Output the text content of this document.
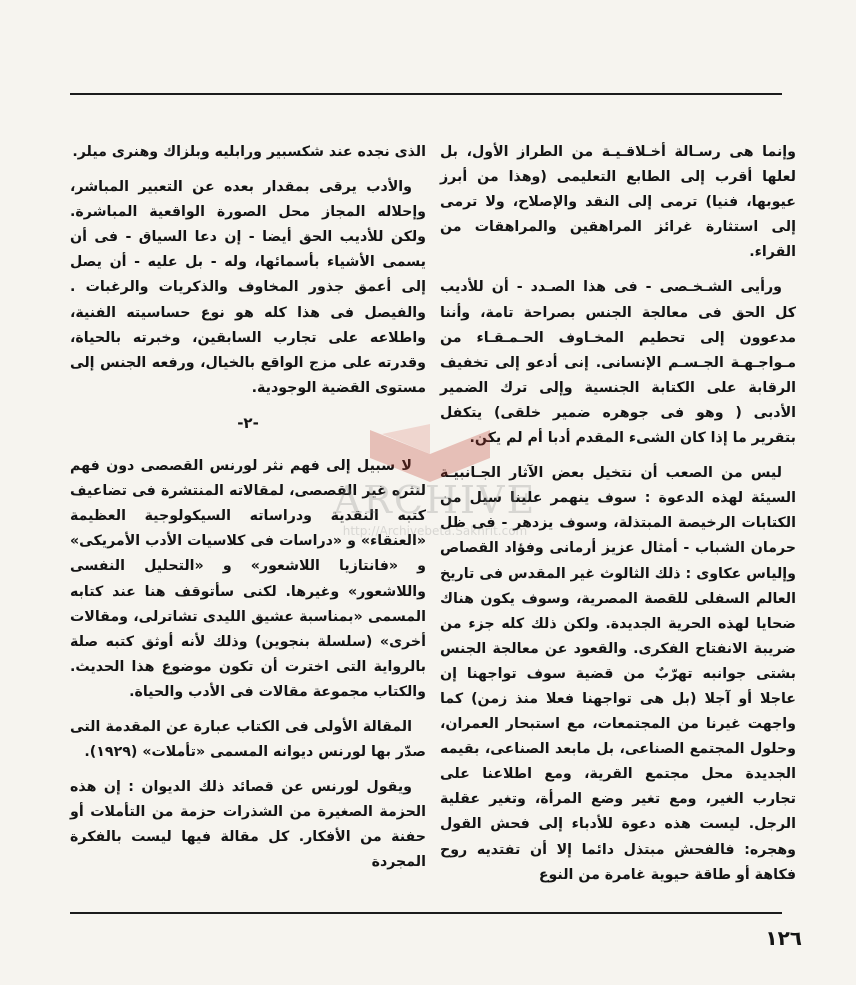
وإنما هى رسـالة أخـلاقـيـة من الطراز الأول، بل لعلها أقرب إلى الطابع التعليمى (وهذا من أبرز عيوبها، فنيا) ترمى إلى النقد والإصلاح، ولا ترمى إلى استثارة غرائز المراهقين والمراهقات من القراء.

ورأيى الشـخـصى - فى هذا الصـدد - أن للأديب كل الحق فى معالجة الجنس بصراحة تامة، وأننا مدعوون إلى تحطيم المخـاوف الحـمـقـاء من مـواجـهـة الجـسـم الإنسانى. إنى أدعو إلى تخفيف الرقابة على الكتابة الجنسية وإلى ترك الضمير الأدبى ( وهو فى جوهره ضمير خلقى) يتكفل بتقرير ما إذا كان الشىء المقدم أدبا أم لم يكن.

ليس من الصعب أن نتخيل بعض الآثار الجـانبيـة السيئة لهذه الدعوة : سوف ينهمر علينا سيل من الكتابات الرخيصة المبتذلة، وسوف يزدهر - فى ظل حرمان الشباب - أمثال عزيز أرمانى وفؤاد القصاص وإلياس عكاوى : ذلك الثالوث غير المقدس فى تاريخ العالم السفلى للقصة المصرية، وسوف يكون هناك ضحايا لهذه الحرية الجديدة. ولكن ذلك كله جزء من ضريبة الانفتاح الفكرى. والقعود عن معالجة الجنس بشتى جوانبه تهرّبٌ من قضية سوف تواجهنا إن عاجلا أو آجلا (بل هى تواجهنا فعلا منذ زمن) كما واجهت غيرنا من المجتمعات، مع استبحار العمران، وحلول المجتمع الصناعى، بل مابعد الصناعى، بقيمه الجديدة محل مجتمع القرية، ومع اطلاعنا على تجارب الغير، ومع تغير وضع المرأة، وتغير عقلية الرجل. ليست هذه دعوة للأدباء إلى فحش القول وهجره: فالفحش مبتذل دائما إلا أن تفتديه روح فكاهة أو طاقة حيوية غامرة من النوع

الذى نجده عند شكسبير ورابليه وبلزاك وهنرى ميلر.

والأدب يرقى بمقدار بعده عن التعبير المباشر، وإحلاله المجاز محل الصورة الواقعية المباشرة. ولكن للأديب الحق أيضا - إن دعا السياق - فى أن يسمى الأشياء بأسمائها، وله - بل عليه - أن يصل إلى أعمق جذور المخاوف والذكريات والرغبات . والفيصل فى هذا كله هو نوع حساسيته الفنية، واطلاعه على تجارب السابقين، وخبرته بالحياة، وقدرته على مزج الواقع بالخيال، ورفعه الجنس إلى مستوى القضية الوجودية.

-٢-

لا سبيل إلى فهم نثر لورنس القصصى دون فهم لنثره غير القصصى، لمقالاته المنتشرة فى تضاعيف كتبه النقدية ودراساته السيكولوجية العظيمة «العنقاء» و «دراسات فى كلاسيات الأدب الأمريكى» و «فانتازيا اللاشعور» و «التحليل النفسى واللاشعور» وغيرها. لكنى سأتوقف هنا عند كتابه المسمى «بمناسبة عشيق الليدى تشاترلى، ومقالات أخرى» (سلسلة بنجوين) وذلك لأنه أوثق كتبه صلة بالرواية التى اخترت أن تكون موضوع هذا الحديث. والكتاب مجموعة مقالات فى الأدب والحياة.

المقالة الأولى فى الكتاب عبارة عن المقدمة التى صدّر بها لورنس ديوانه المسمى «تأملات» (١٩٢٩).

ويقول لورنس عن قصائد ذلك الديوان : إن هذه الحزمة الصغيرة من الشذرات حزمة من التأملات أو حفنة من الأفكار. كل مقالة فيها ليست بالفكرة المجردة

ARCHIVE
http://Archivebeta.Sakhrit.com
١٢٦
